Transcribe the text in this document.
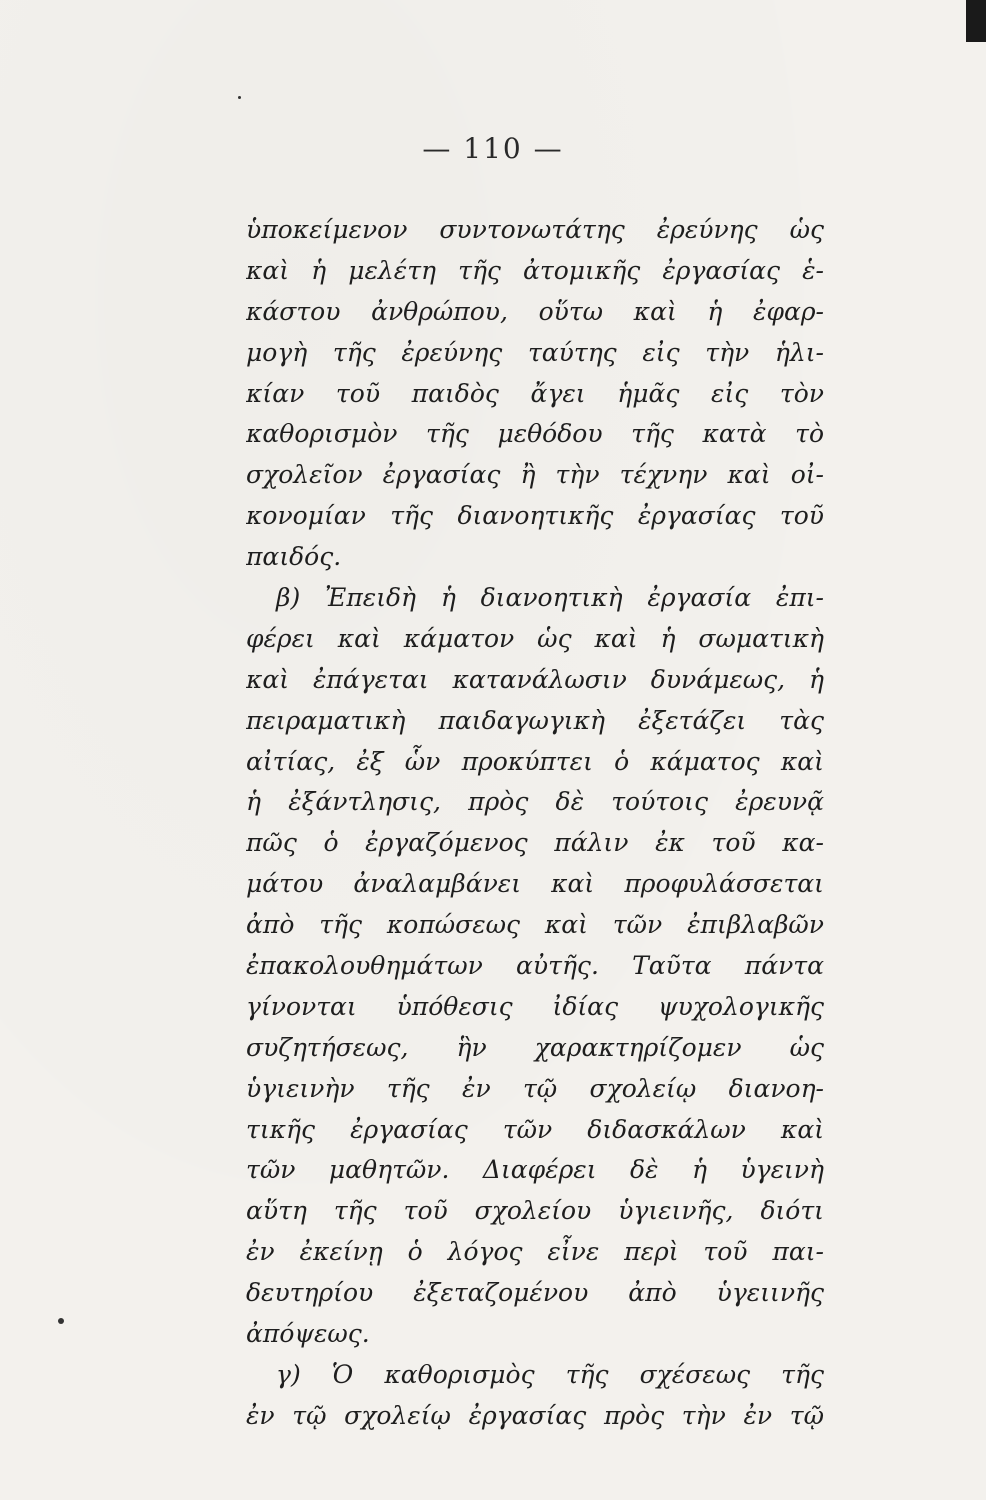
— 110 —
ὑποκείμενον συντονωτάτης ἐρεύνης ὡς
καὶ ἡ μελέτη τῆς ἀτομικῆς ἐργασίας ἑ-
κάστου ἀνθρώπου, οὕτω καὶ ἡ ἐφαρ-
μογὴ τῆς ἐρεύνης ταύτης εἰς τὴν ἡλι-
κίαν τοῦ παιδὸς ἄγει ἡμᾶς εἰς τὸν
καθορισμὸν τῆς μεθόδου τῆς κατὰ τὸ
σχολεῖον ἐργασίας ἢ τὴν τέχνην καὶ οἰ-
κονομίαν τῆς διανοητικῆς ἐργασίας τοῦ
παιδός.
β) Ἐπειδὴ ἡ διανοητικὴ ἐργασία ἐπι-
φέρει καὶ κάματον ὡς καὶ ἡ σωματικὴ
καὶ ἐπάγεται κατανάλωσιν δυνάμεως, ἡ
πειραματικὴ παιδαγωγικὴ ἐξετάζει τὰς
αἰτίας, ἐξ ὧν προκύπτει ὁ κάματος καὶ
ἡ ἐξάντλησις, πρὸς δὲ τούτοις ἐρευνᾷ
πῶς ὁ ἐργαζόμενος πάλιν ἐκ τοῦ κα-
μάτου ἀναλαμβάνει καὶ προφυλάσσεται
ἀπὸ τῆς κοπώσεως καὶ τῶν ἐπιβλαβῶν
ἐπακολουθημάτων αὐτῆς. Ταῦτα πάντα
γίνονται ὑπόθεσις ἰδίας ψυχολογικῆς
συζητήσεως, ἣν χαρακτηρίζομεν ὡς
ὑγιεινὴν τῆς ἐν τῷ σχολείῳ διανοη-
τικῆς ἐργασίας τῶν διδασκάλων καὶ
τῶν μαθητῶν. Διαφέρει δὲ ἡ ὑγεινὴ
αὕτη τῆς τοῦ σχολείου ὑγιεινῆς, διότι
ἐν ἐκείνῃ ὁ λόγος εἶνε περὶ τοῦ παι-
δευτηρίου ἐξεταζομένου ἀπὸ ὑγειινῆς
ἀπόψεως.
γ) Ὁ καθορισμὸς τῆς σχέσεως τῆς
ἐν τῷ σχολείῳ ἐργασίας πρὸς τὴν ἐν τῷ
